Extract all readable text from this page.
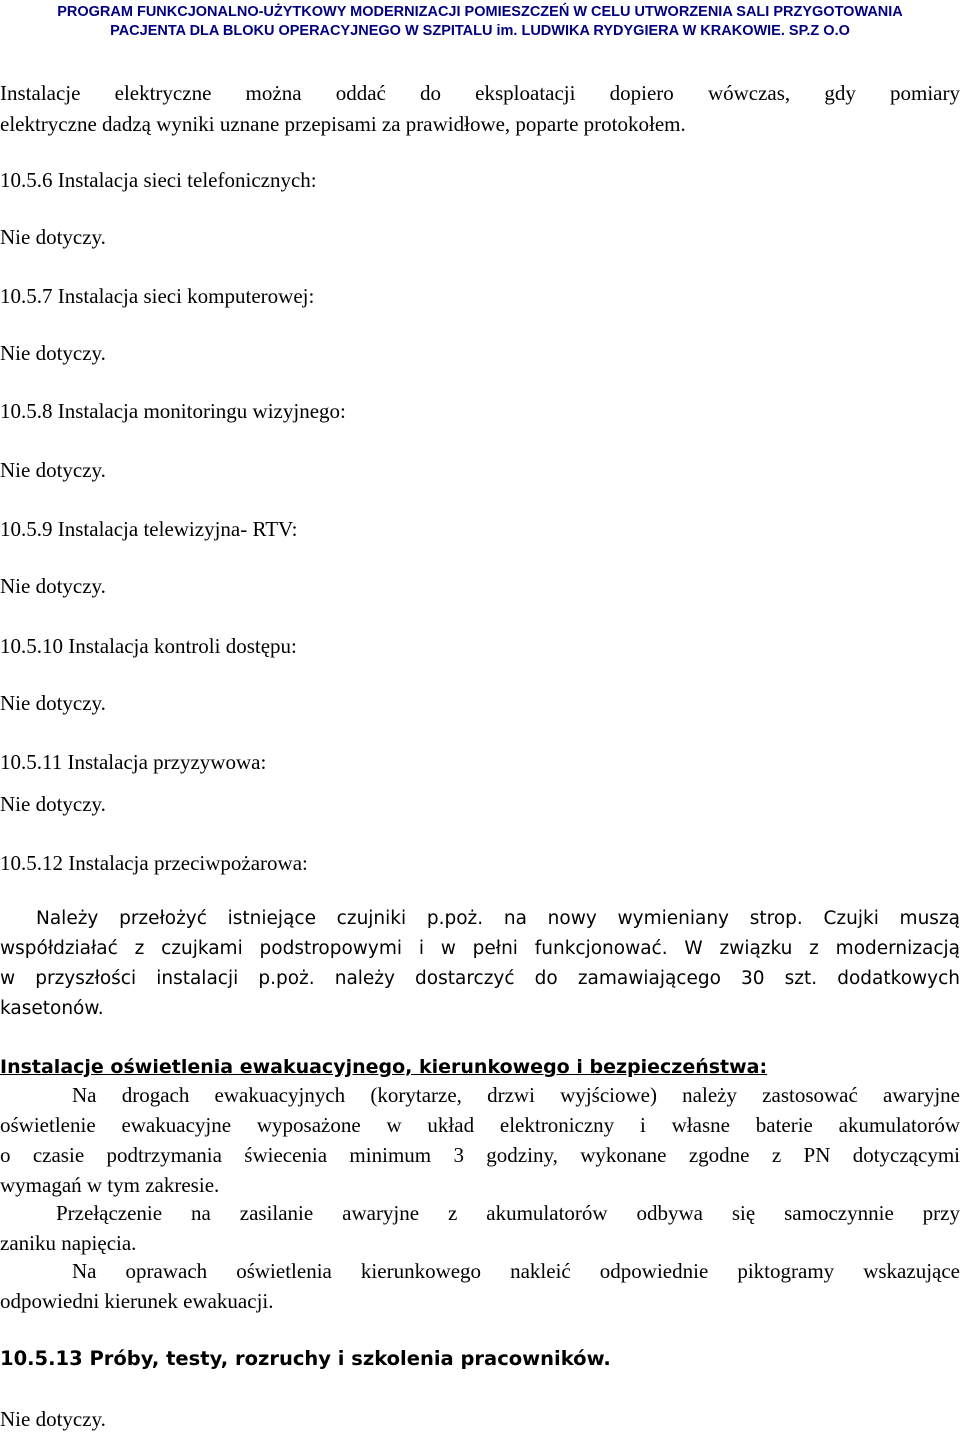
PROGRAM FUNKCJONALNO-UŻYTKOWY MODERNIZACJI POMIESZCZEŃ W CELU UTWORZENIA SALI PRZYGOTOWANIA
PACJENTA DLA BLOKU OPERACYJNEGO W SZPITALU im. LUDWIKA RYDYGIERA W KRAKOWIE. SP.Z O.O
Instalacje elektryczne można oddać do eksploatacji dopiero wówczas, gdy pomiary
elektryczne dadzą wyniki uznane przepisami za prawidłowe, poparte protokołem.
10.5.6 Instalacja sieci telefonicznych:
Nie dotyczy.
10.5.7 Instalacja sieci komputerowej:
Nie dotyczy.
10.5.8 Instalacja monitoringu wizyjnego:
Nie dotyczy.
10.5.9 Instalacja telewizyjna- RTV:
Nie dotyczy.
10.5.10 Instalacja kontroli dostępu:
Nie dotyczy.
10.5.11 Instalacja przyzywowa:
Nie dotyczy.
10.5.12 Instalacja przeciwpożarowa:
Należy przełożyć istniejące czujniki p.poż. na nowy wymieniany strop. Czujki muszą
współdziałać z czujkami podstropowymi i w pełni funkcjonować. W związku z modernizacją
w przyszłości instalacji p.poż. należy dostarczyć do zamawiającego 30 szt. dodatkowych
kasetonów.
Instalacje oświetlenia ewakuacyjnego, kierunkowego i bezpieczeństwa:
Na drogach ewakuacyjnych (korytarze, drzwi wyjściowe) należy zastosować awaryjne
oświetlenie ewakuacyjne wyposażone w układ elektroniczny i własne baterie akumulatorów
o czasie podtrzymania świecenia minimum 3 godziny, wykonane zgodne z PN dotyczącymi
wymagań w tym zakresie.
Przełączenie na zasilanie awaryjne z akumulatorów odbywa się samoczynnie przy
zaniku napięcia.
Na oprawach oświetlenia kierunkowego nakleić odpowiednie piktogramy wskazujące
odpowiedni kierunek ewakuacji.
10.5.13 Próby, testy, rozruchy i szkolenia pracowników.
Nie dotyczy.
